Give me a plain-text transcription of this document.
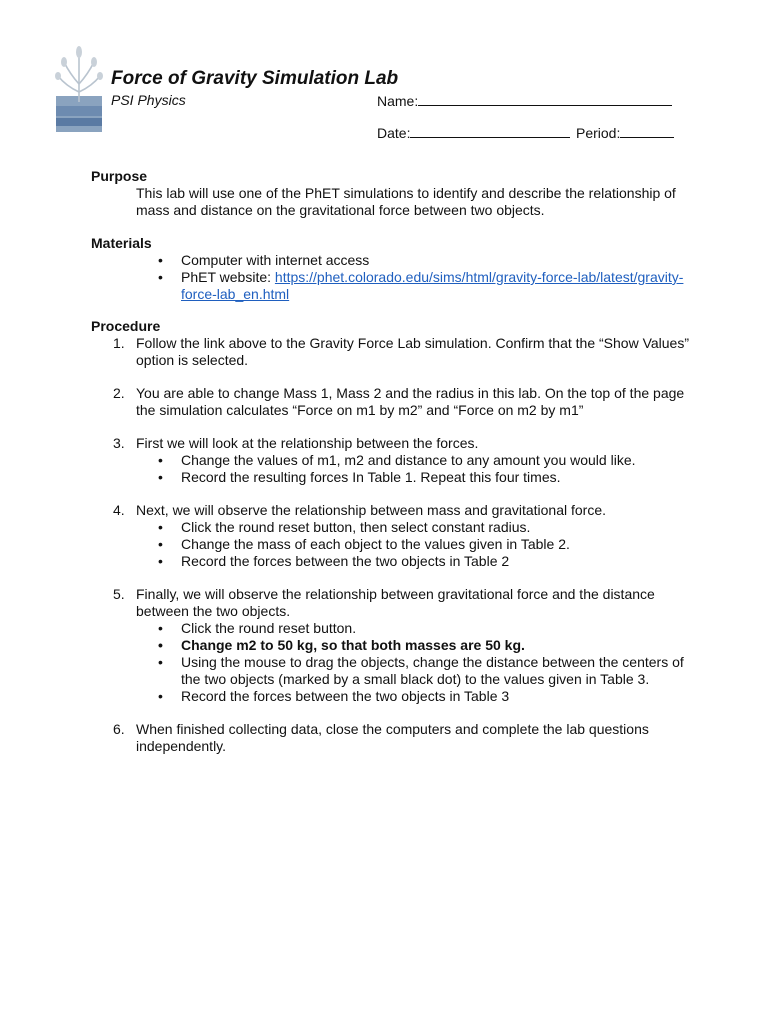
Force of Gravity Simulation Lab
PSI Physics	Name:
Date:	Period:

Purpose

This lab will use one of the PhET simulations to identify and describe the relationship of mass and distance on the gravitational force between two objects.

Materials

• Computer with internet access
• PhET website: https://phet.colorado.edu/sims/html/gravity-force-lab/latest/gravity-force-lab_en.html

Procedure

1. Follow the link above to the Gravity Force Lab simulation. Confirm that the “Show Values” option is selected.
2. You are able to change Mass 1, Mass 2 and the radius in this lab. On the top of the page the simulation calculates “Force on m1 by m2” and “Force on m2 by m1”
3. First we will look at the relationship between the forces.
• Change the values of m1, m2 and distance to any amount you would like.
• Record the resulting forces In Table 1. Repeat this four times.
4. Next, we will observe the relationship between mass and gravitational force.
• Click the round reset button, then select constant radius.
• Change the mass of each object to the values given in Table 2.
• Record the forces between the two objects in Table 2
5. Finally, we will observe the relationship between gravitational force and the distance between the two objects.
• Click the round reset button.
• Change m2 to 50 kg, so that both masses are 50 kg.
• Using the mouse to drag the objects, change the distance between the centers of the two objects (marked by a small black dot) to the values given in Table 3.
• Record the forces between the two objects in Table 3
6. When finished collecting data, close the computers and complete the lab questions independently.
